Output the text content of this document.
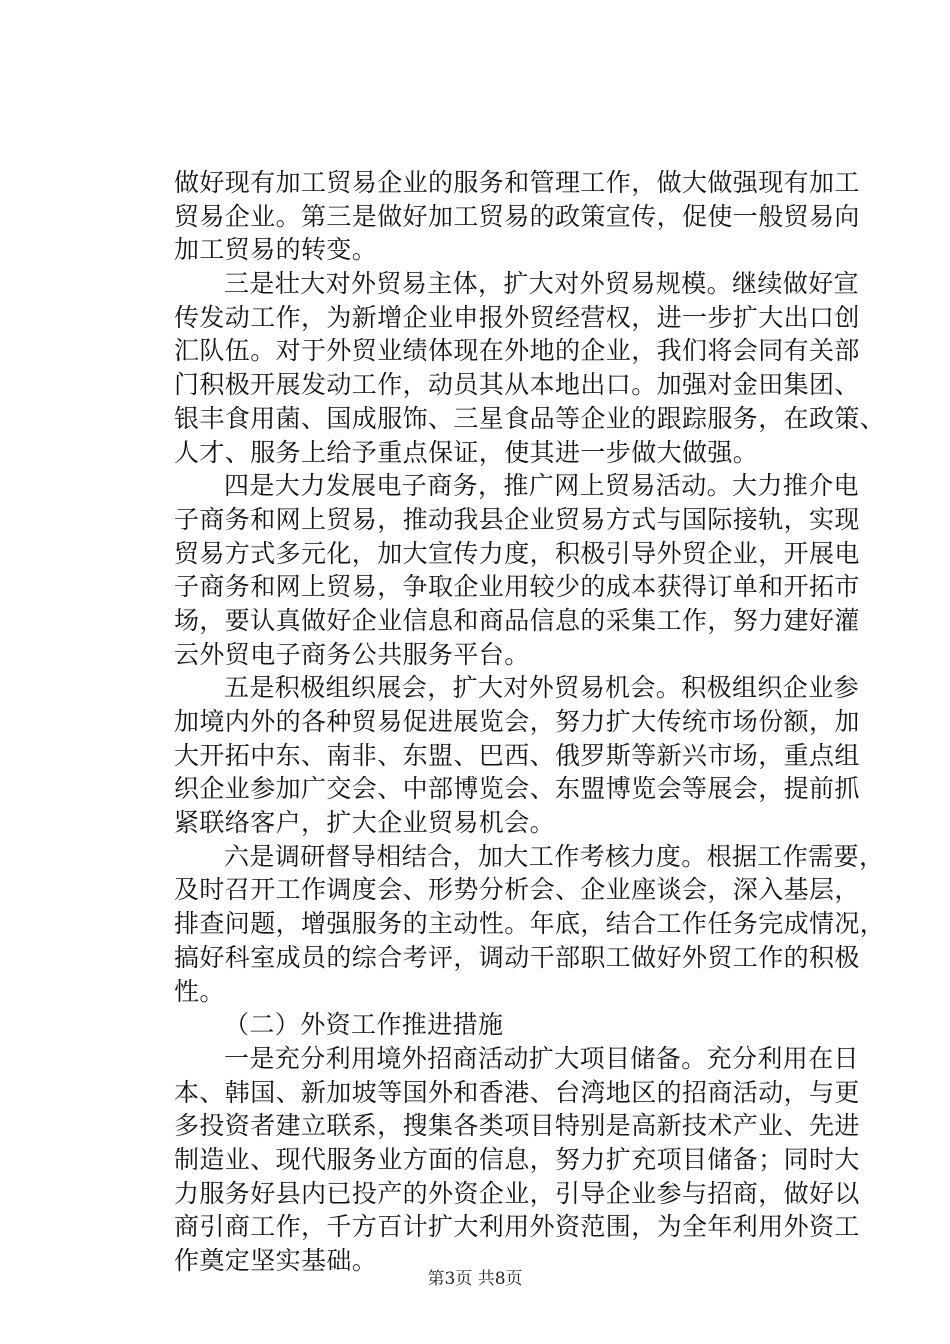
做好现有加工贸易企业的服务和管理工作，做大做强现有加工
贸易企业。第三是做好加工贸易的政策宣传，促使一般贸易向
加工贸易的转变。
三是壮大对外贸易主体，扩大对外贸易规模。继续做好宣
传发动工作，为新增企业申报外贸经营权，进一步扩大出口创
汇队伍。对于外贸业绩体现在外地的企业，我们将会同有关部
门积极开展发动工作，动员其从本地出口。加强对金田集团、
银丰食用菌、国成服饰、三星食品等企业的跟踪服务，在政策、
人才、服务上给予重点保证，使其进一步做大做强。
四是大力发展电子商务，推广网上贸易活动。大力推介电
子商务和网上贸易，推动我县企业贸易方式与国际接轨，实现
贸易方式多元化，加大宣传力度，积极引导外贸企业，开展电
子商务和网上贸易，争取企业用较少的成本获得订单和开拓市
场，要认真做好企业信息和商品信息的采集工作，努力建好灌
云外贸电子商务公共服务平台。
五是积极组织展会，扩大对外贸易机会。积极组织企业参
加境内外的各种贸易促进展览会，努力扩大传统市场份额，加
大开拓中东、南非、东盟、巴西、俄罗斯等新兴市场，重点组
织企业参加广交会、中部博览会、东盟博览会等展会，提前抓
紧联络客户，扩大企业贸易机会。
六是调研督导相结合，加大工作考核力度。根据工作需要，
及时召开工作调度会、形势分析会、企业座谈会，深入基层，
排查问题，增强服务的主动性。年底，结合工作任务完成情况，
搞好科室成员的综合考评，调动干部职工做好外贸工作的积极
性。
（二）外资工作推进措施
一是充分利用境外招商活动扩大项目储备。充分利用在日
本、韩国、新加坡等国外和香港、台湾地区的招商活动，与更
多投资者建立联系，搜集各类项目特别是高新技术产业、先进
制造业、现代服务业方面的信息，努力扩充项目储备；同时大
力服务好县内已投产的外资企业，引导企业参与招商，做好以
商引商工作，千方百计扩大利用外资范围，为全年利用外资工
作奠定坚实基础。
第3页 共8页
